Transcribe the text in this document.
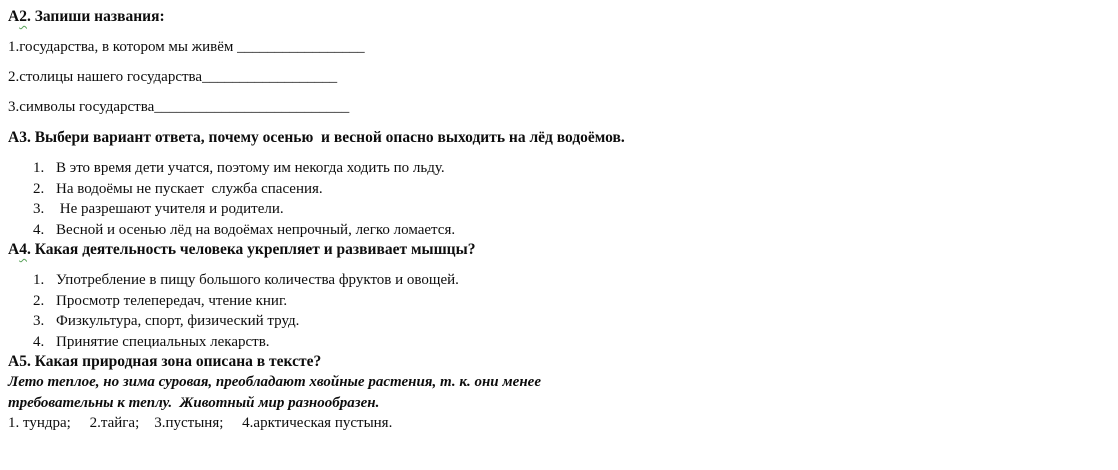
А2. Запиши названия:
1.государства, в котором мы живём _________________
2.столицы нашего государства__________________
3.символы государства__________________________
А3. Выбери вариант ответа, почему осенью  и весной опасно выходить на лёд водоёмов.
1. В это время дети учатся, поэтому им некогда ходить по льду.
2. На водоёмы не пускает  служба спасения.
3. Не разрешают учителя и родители.
4. Весной и осенью лёд на водоёмах непрочный, легко ломается.
А4. Какая деятельность человека укрепляет и развивает мышцы?
1. Употребление в пищу большого количества фруктов и овощей.
2. Просмотр телепередач, чтение книг.
3. Физкультура, спорт, физический труд.
4. Принятие специальных лекарств.
А5. Какая природная зона описана в тексте?
Лето теплое, но зима суровая, преобладают хвойные растения, т. к. они менее
требовательны к теплу.  Животный мир разнообразен.
1. тундра;     2.тайга;    3.пустыня;     4.арктическая пустыня.
